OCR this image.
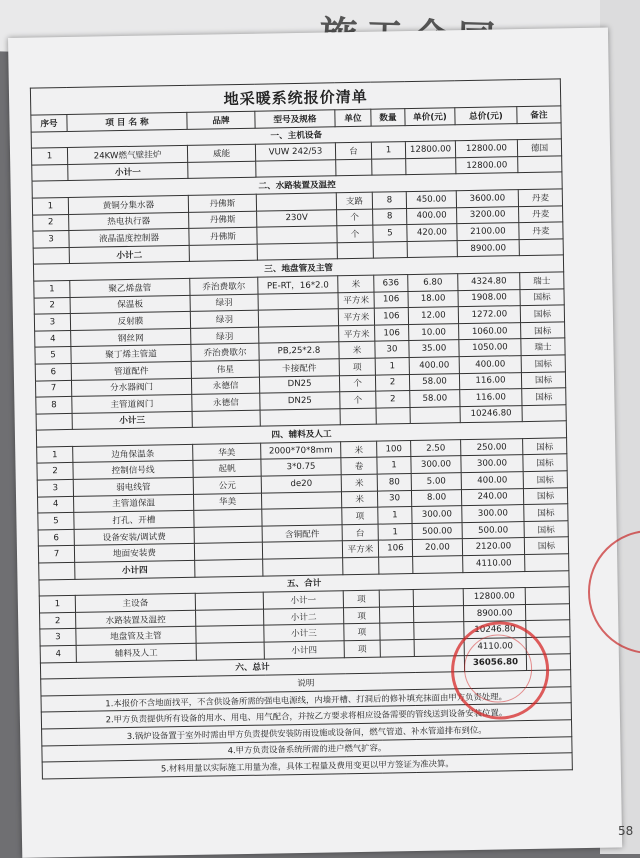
地采暖系统报价清单								
序号	项 目 名 称	品牌	型号及规格	单位	数量	单价(元)	总价(元)	备注
一、主机设备								
1	24KW燃气壁挂炉	威能	VUW 242/53	台	1	12800.00	12800.00	德国
	小计一						12800.00	
二、水路装置及温控								
1	黄铜分集水器	丹佛斯		支路	8	450.00	3600.00	丹麦
2	热电执行器	丹佛斯	230V	个	8	400.00	3200.00	丹麦
3	液晶温度控制器	丹佛斯		个	5	420.00	2100.00	丹麦
	小计二						8900.00	
三、地盘管及主管								
1	聚乙烯盘管	乔治费歇尔	PE-RT，16*2.0	米	636	6.80	4324.80	瑞士
2	保温板	绿羽		平方米	106	18.00	1908.00	国标
3	反射膜	绿羽		平方米	106	12.00	1272.00	国标
4	钢丝网	绿羽		平方米	106	10.00	1060.00	国标
5	聚丁烯主管道	乔治费歇尔	PB,25*2.8	米	30	35.00	1050.00	瑞士
6	管道配件	伟星	卡接配件	项	1	400.00	400.00	国标
7	分水器阀门	永德信	DN25	个	2	58.00	116.00	国标
8	主管道阀门	永德信	DN25	个	2	58.00	116.00	国标
	小计三						10246.80	
四、辅料及人工								
1	边角保温条	华美	2000*70*8mm	米	100	2.50	250.00	国标
2	控制信号线	起帆	3*0.75	卷	1	300.00	300.00	国标
3	弱电线管	公元	de20	米	80	5.00	400.00	国标
4	主管道保温	华美		米	30	8.00	240.00	国标
5	打孔、开槽			项	1	300.00	300.00	国标
6	设备安装/调试费		含铜配件	台	1	500.00	500.00	国标
7	地面安装费			平方米	106	20.00	2120.00	国标
	小计四						4110.00	
五、合计								
1	主设备		小计一	项			12800.00	
2	水路装置及温控		小计二	项			8900.00	
3	地盘管及主管		小计三	项			10246.80	
4	辅料及人工		小计四	项			4110.00	
六、总计							36056.80	
说明								
1.本报价不含地面找平，不含供设备所需的强电电源线，内墙开槽、打洞后的修补填充抹面由甲方负责处理。								
2.甲方负责提供所有设备的用水、用电、用气配合，并按乙方要求将相应设备需要的管线送到设备安装位置。								
3.锅炉设备置于室外时需由甲方负责提供安装防雨设施或设备间，燃气管道、补水管道排布到位。								
4.甲方负责设备系统所需的进户燃气扩容。								
5.材料用量以实际施工用量为准，具体工程量及费用变更以甲方签证为准决算。								
58
